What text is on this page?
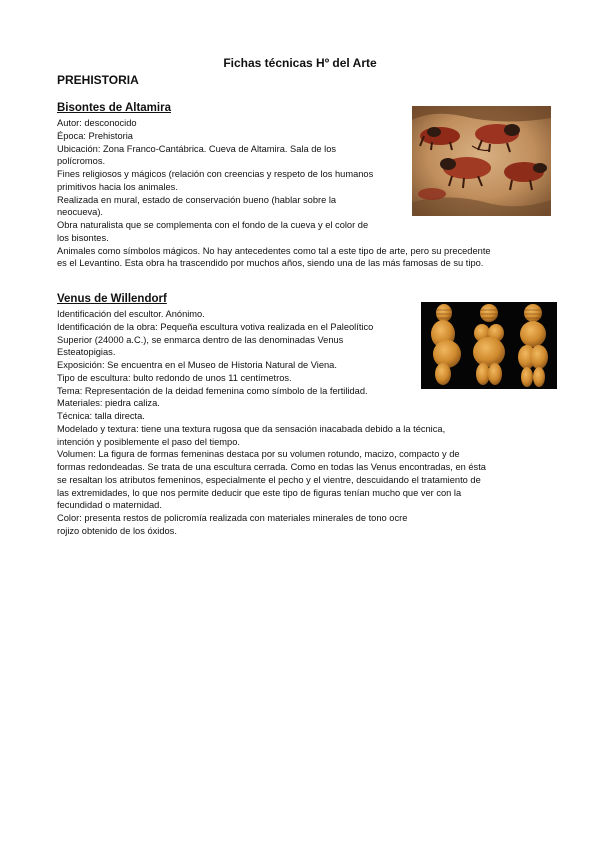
Fichas técnicas Hº del Arte
PREHISTORIA
Bisontes de Altamira
Autor: desconocido
Época: Prehistoria
Ubicación: Zona Franco-Cantábrica. Cueva de Altamira. Sala de los
polícromos.
Fines religiosos y mágicos (relación con creencias y respeto de los humanos
primitivos hacia los animales.
Realizada en mural, estado de conservación bueno (hablar sobre la
neocueva).
Obra naturalista que se complementa con el fondo de la cueva y el color de
los bisontes.
Animales como símbolos mágicos. No hay antecedentes como tal a este tipo de arte, pero su precedente
es el Levantino. Esta obra ha trascendido por muchos años, siendo una de las más famosas de su tipo.
Venus de Willendorf
Identificación del escultor. Anónimo.
Identificación de la obra: Pequeña escultura votiva realizada en el Paleolítico
Superior (24000 a.C.), se enmarca dentro de las denominadas Venus
Esteatopigias.
Exposición: Se encuentra en el Museo de Historia Natural de Viena.
Tipo de escultura: bulto redondo de unos 11 centímetros.
Tema: Representación de la deidad femenina como símbolo de la fertilidad.
Materiales: piedra caliza.
Técnica: talla directa.
Modelado y textura: tiene una textura rugosa que da sensación inacabada debido a la técnica,
intención y posiblemente el paso del tiempo.
Volumen: La figura de formas femeninas destaca por su volumen rotundo, macizo, compacto y de
formas redondeadas. Se trata de una escultura cerrada. Como en todas las Venus encontradas, en ésta
se resaltan los atributos femeninos, especialmente el pecho y el vientre, descuidando el tratamiento de
las extremidades, lo que nos permite deducir que este tipo de figuras tenían mucho que ver con la
fecundidad o maternidad.
Color: presenta restos de policromía realizada con materiales minerales de tono ocre
rojizo obtenido de los óxidos.
